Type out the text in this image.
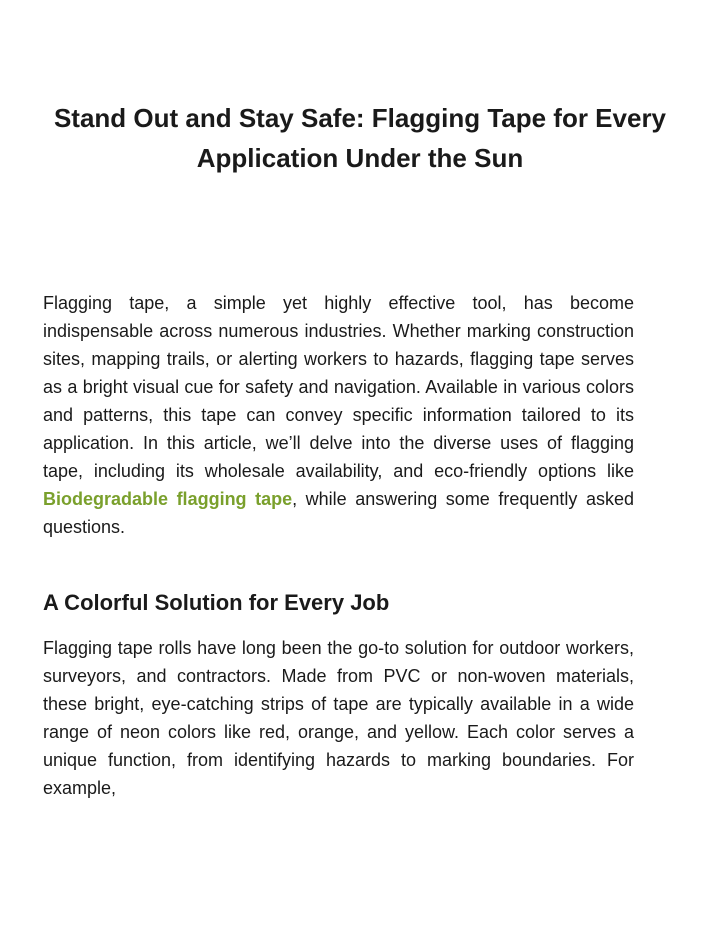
Stand Out and Stay Safe: Flagging Tape for Every Application Under the Sun

Flagging tape, a simple yet highly effective tool, has become indispensable across numerous industries. Whether marking construction sites, mapping trails, or alerting workers to hazards, flagging tape serves as a bright visual cue for safety and navigation. Available in various colors and patterns, this tape can convey specific information tailored to its application. In this article, we’ll delve into the diverse uses of flagging tape, including its wholesale availability, and eco-friendly options like Biodegradable flagging tape, while answering some frequently asked questions.

A Colorful Solution for Every Job

Flagging tape rolls have long been the go-to solution for outdoor workers, surveyors, and contractors. Made from PVC or non-woven materials, these bright, eye-catching strips of tape are typically available in a wide range of neon colors like red, orange, and yellow. Each color serves a unique function, from identifying hazards to marking boundaries. For example,
